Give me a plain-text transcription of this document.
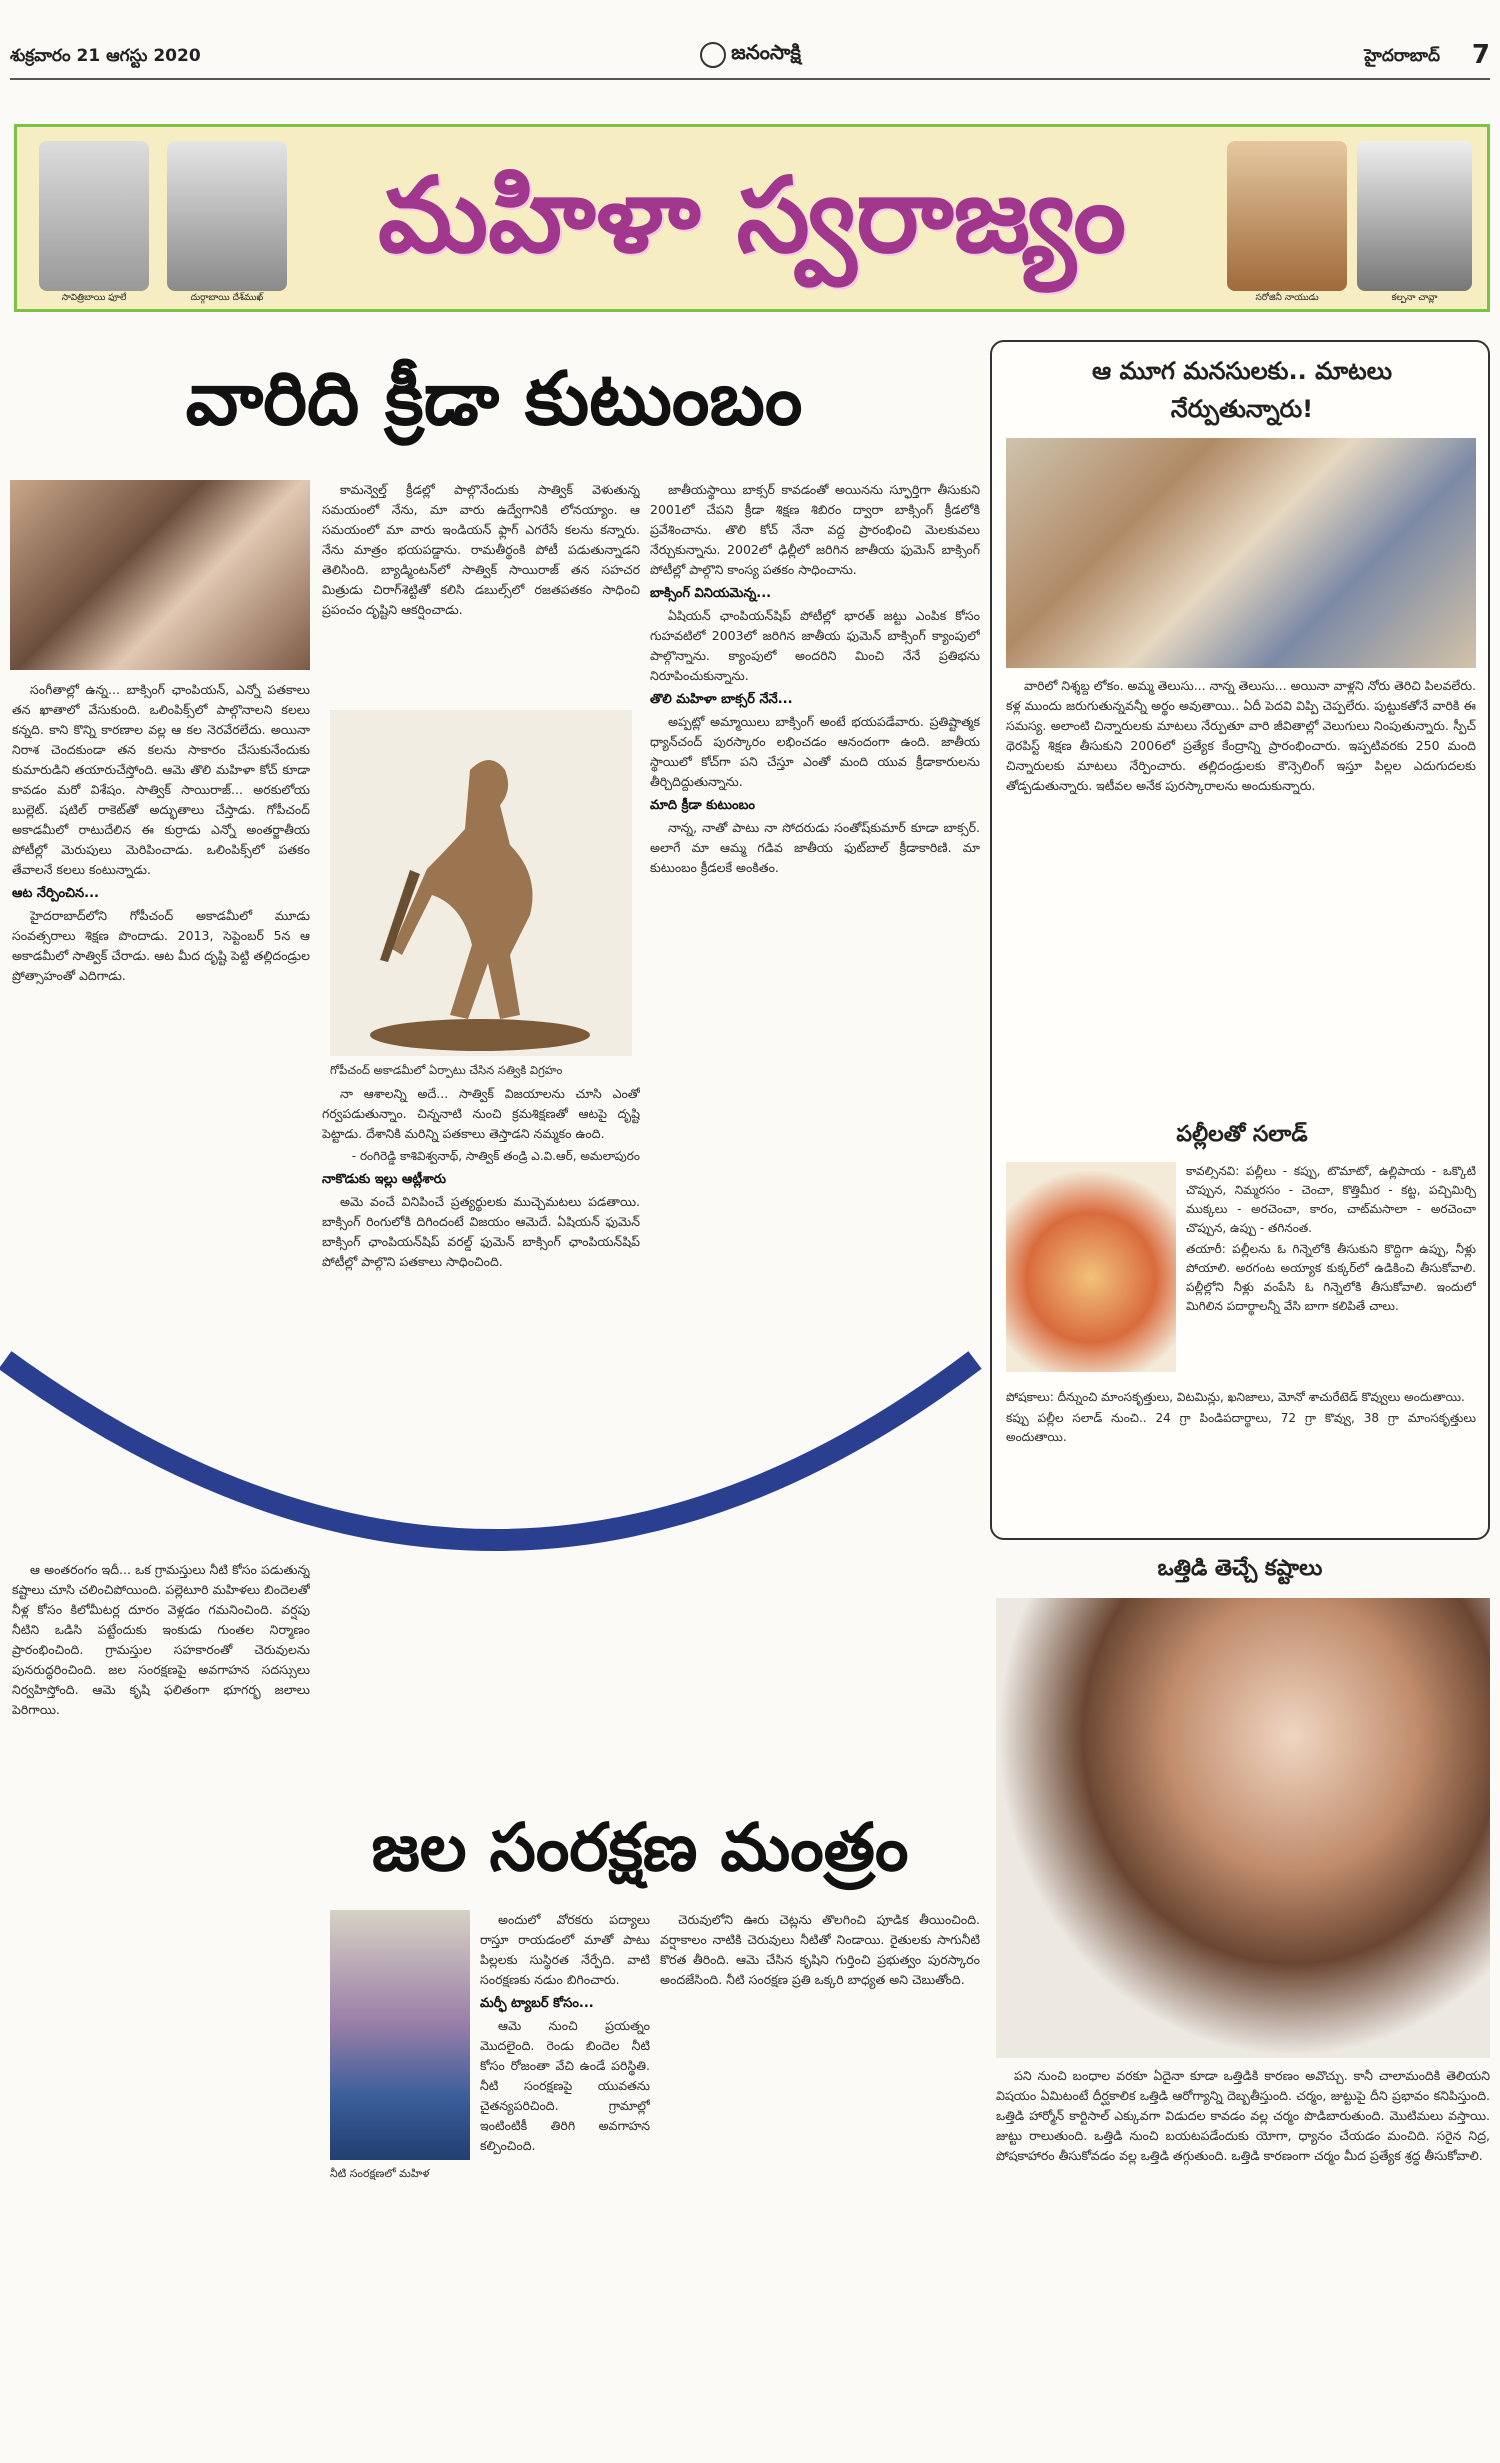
శుక్రవారం 21 ఆగస్టు 2020	జనంసాక్షి	హైదరాబాద్ 7
సావిత్రిబాయి ఫూలే	దుర్గాబాయి దేశ్‌ముఖ్
మహిళా స్వరాజ్యం
సరోజినీ నాయుడు	కల్పనా చావ్లా
వారిది క్రీడా కుటుంబం

సంగీతాల్లో ఉన్న... బాక్సింగ్ ఛాంపియన్, ఎన్నో పతకాలు తన ఖాతాలో వేసుకుంది. ఒలింపిక్స్‌లో పాల్గొనాలని కలలు కన్నది. కాని కొన్ని కారణాల వల్ల ఆ కల నెరవేరలేదు. అయినా నిరాశ చెందకుండా తన కలను సాకారం చేసుకునేందుకు కుమారుడిని తయారుచేస్తోంది. ఆమె తొలి మహిళా కోచ్ కూడా కావడం మరో విశేషం. సాత్విక్ సాయిరాజ్... అరకులోయ బుల్లెట్. షటిల్ రాకెట్‌తో అద్భుతాలు చేస్తాడు. గోపీచంద్ అకాడమీలో రాటుదేలిన ఈ కుర్రాడు ఎన్నో అంతర్జాతీయ పోటీల్లో మెరుపులు మెరిపించాడు. ఒలింపిక్స్‌లో పతకం తేవాలనే కలలు కంటున్నాడు.

ఆట నేర్పించిన...

హైదరాబాద్‌లోని గోపీచంద్ అకాడమీలో మూడు సంవత్సరాలు శిక్షణ పొందాడు. 2013, సెప్టెంబర్ 5న ఆ అకాడమీలో సాత్విక్ చేరాడు. ఆట మీద దృష్టి పెట్టి తల్లిదండ్రుల ప్రోత్సాహంతో ఎదిగాడు.

కామన్వెల్త్ క్రీడల్లో పాల్గొనేందుకు సాత్విక్ వెళుతున్న సమయంలో నేను, మా వారు ఉద్వేగానికి లోనయ్యాం. ఆ సమయంలో మా వారు ఇండియన్ ఫ్లాగ్ ఎగరేసే కలను కన్నారు. నేను మాత్రం భయపడ్డాను. రామతీర్థంకి పోటీ పడుతున్నాడని తెలిసింది. బ్యాడ్మింటన్‌లో సాత్విక్ సాయిరాజ్ తన సహచర మిత్రుడు చిరాగ్‌శెట్టితో కలిసి డబుల్స్‌లో రజతపతకం సాధించి ప్రపంచం దృష్టిని ఆకర్షించాడు.

గోపీచంద్ అకాడమీలో ఏర్పాటు చేసిన సత్వికి విగ్రహం

నా ఆశాలన్ని అదే... సాత్విక్ విజయాలను చూసి ఎంతో గర్వపడుతున్నాం. చిన్ననాటి నుంచి క్రమశిక్షణతో ఆటపై దృష్టి పెట్టాడు. దేశానికి మరిన్ని పతకాలు తెస్తాడని నమ్మకం ఉంది.

- రంగిరెడ్డి కాశివిశ్వనాథ్, సాత్విక్ తండ్రి ఎ.వి.ఆర్, అమలాపురం
నాకొడుకు ఇల్లు ఆట్లీశారు

అమె వంచే వినిపించే ప్రత్యర్థులకు ముచ్చెమటలు పడతాయి. బాక్సింగ్ రింగులోకి దిగిందంటే విజయం ఆమెదే. ఏషియన్ ఫుమెన్ బాక్సింగ్ ఛాంపియన్‌షిప్ వరల్డ్ ఫుమెన్ బాక్సింగ్ ఛాంపియన్‌షిప్ పోటీల్లో పాల్గొని పతకాలు సాధించింది.

జాతీయస్థాయి బాక్సర్ కావడంతో అయినను స్ఫూర్తిగా తీసుకుని 2001లో చేపని క్రీడా శిక్షణ శిబిరం ద్వారా బాక్సింగ్ క్రీడలోకి ప్రవేశించాను. తొలి కోచ్ నేనా వద్ద ప్రారంభించి మెలకువలు నేర్చుకున్నాను. 2002లో ఢిల్లీలో జరిగిన జాతీయ ఫుమెన్ బాక్సింగ్ పోటీల్లో పాల్గొని కాంస్య పతకం సాధించాను.

బాక్సింగ్ వినియమెన్న...

ఏషియన్ ఛాంపియన్‌షిప్ పోటీల్లో భారత్ జట్టు ఎంపిక కోసం గుహవటిలో 2003లో జరిగిన జాతీయ ఫుమెన్ బాక్సింగ్ క్యాంపులో పాల్గొన్నాను. క్యాంపులో అందరిని మించి నేనే ప్రతిభను నిరూపించుకున్నాను.

తొలి మహిళా బాక్సర్ నేనే...

అప్పట్లో అమ్మాయిలు బాక్సింగ్ అంటే భయపడేవారు. ప్రతిష్టాత్మక ధ్యాన్‌చంద్ పురస్కారం లభించడం ఆనందంగా ఉంది. జాతీయ స్థాయిలో కోచ్‌గా పని చేస్తూ ఎంతో మంది యువ క్రీడాకారులను తీర్చిదిద్దుతున్నాను.

మాది క్రీడా కుటుంబం

నాన్న, నాతో పాటు నా సోదరుడు సంతోష్‌కుమార్ కూడా బాక్సర్. అలాగే మా ఆమ్మ గడివ జాతీయ ఫుట్‌బాల్ క్రీడాకారిణి. మా కుటుంబం క్రీడలకే అంకితం.

జల సంరక్షణ మంత్రం

ఆ అంతరంగం ఇదీ... ఒక గ్రామస్తులు నీటి కోసం పడుతున్న కష్టాలు చూసి చలించిపోయింది. పల్లెటూరి మహిళలు బిందెలతో నీళ్ల కోసం కిలోమీటర్ల దూరం వెళ్లడం గమనించింది. వర్షపు నీటిని ఒడిసి పట్టేందుకు ఇంకుడు గుంతల నిర్మాణం ప్రారంభించింది. గ్రామస్తుల సహకారంతో చెరువులను పునరుద్ధరించింది. జల సంరక్షణపై అవగాహన సదస్సులు నిర్వహిస్తోంది. ఆమె కృషి ఫలితంగా భూగర్భ జలాలు పెరిగాయి.

నీటి సంరక్షణలో మహిళ

అందులో వోరకరు పద్యాలు రాస్తూ రాయడంలో మాతో పాటు పిల్లలకు సుస్థిరత నేర్పేది. వాటి సంరక్షణకు నడుం బిగించారు.

మర్ఫీ ట్యాబర్ కోసం...

ఆమె నుంచి ప్రయత్నం మొదలైంది. రెండు బిందెల నీటి కోసం రోజంతా వేచి ఉండే పరిస్థితి. నీటి సంరక్షణపై యువతను చైతన్యపరిచింది. గ్రామాల్లో ఇంటింటికీ తిరిగి అవగాహన కల్పించింది.

చెరువులోని ఊరు చెట్లను తొలగించి పూడిక తీయించింది. వర్షాకాలం నాటికి చెరువులు నీటితో నిండాయి. రైతులకు సాగునీటి కొరత తీరింది. ఆమె చేసిన కృషిని గుర్తించి ప్రభుత్వం పురస్కారం అందజేసింది. నీటి సంరక్షణ ప్రతి ఒక్కరి బాధ్యత అని చెబుతోంది.

ఆ మూగ మనసులకు.. మాటలు నేర్పుతున్నారు!

వారిలో నిశ్శబ్ద లోకం. అమ్మ తెలుసు... నాన్న తెలుసు... అయినా వాళ్లని నోరు తెరిచి పిలవలేరు. కళ్ల ముందు జరుగుతున్నవన్నీ అర్థం అవుతాయి.. ఏదీ పెదవి విప్పి చెప్పలేరు. పుట్టుకతోనే వారికి ఈ సమస్య. అలాంటి చిన్నారులకు మాటలు నేర్పుతూ వారి జీవితాల్లో వెలుగులు నింపుతున్నారు. స్పీచ్ థెరపిస్ట్ శిక్షణ తీసుకుని 2006లో ప్రత్యేక కేంద్రాన్ని ప్రారంభించారు. ఇప్పటివరకు 250 మంది చిన్నారులకు మాటలు నేర్పించారు. తల్లిదండ్రులకు కౌన్సెలింగ్ ఇస్తూ పిల్లల ఎదుగుదలకు తోడ్పడుతున్నారు. ఇటీవల అనేక పురస్కారాలను అందుకున్నారు.

పల్లీలతో సలాడ్

కావల్సినవి: పల్లీలు - కప్పు, టొమాటో, ఉల్లిపాయ - ఒక్కొటి చొప్పున, నిమ్మరసం - చెంచా, కొత్తిమీర - కట్ట, పచ్చిమిర్చి ముక్కలు - అరచెంచా, కారం, చాట్‌మసాలా - అరచెంచా చొప్పున, ఉప్పు - తగినంత.

తయారీ: పల్లీలను ఓ గిన్నెలోకి తీసుకుని కొద్దిగా ఉప్పు, నీళ్లు పోయాలి. అరగంట అయ్యాక కుక్కర్‌లో ఉడికించి తీసుకోవాలి. పల్లీల్లోని నీళ్లు వంపేసి ఓ గిన్నెలోకి తీసుకోవాలి. ఇందులో మిగిలిన పదార్థాలన్నీ వేసి బాగా కలిపితే చాలు.

పోషకాలు: దీన్నుంచి మాంసకృత్తులు, విటమిన్లు, ఖనిజాలు, మోనో శాచురేటెడ్ కొవ్వులు అందుతాయి.

కప్పు పల్లీల సలాడ్ నుంచి.. 24 గ్రా పిండిపదార్థాలు, 72 గ్రా కొవ్వు, 38 గ్రా మాంసకృత్తులు అందుతాయి.

ఒత్తిడి తెచ్చే కష్టాలు

పని నుంచి బంధాల వరకూ ఏదైనా కూడా ఒత్తిడికి కారణం అవొచ్చు. కానీ చాలామందికి తెలియని విషయం ఏమిటంటే దీర్ఘకాలిక ఒత్తిడి ఆరోగ్యాన్ని దెబ్బతీస్తుంది. చర్మం, జుట్టుపై దీని ప్రభావం కనిపిస్తుంది. ఒత్తిడి హార్మోన్ కార్టిసాల్ ఎక్కువగా విడుదల కావడం వల్ల చర్మం పొడిబారుతుంది. మొటిమలు వస్తాయి. జుట్టు రాలుతుంది. ఒత్తిడి నుంచి బయటపడేందుకు యోగా, ధ్యానం చేయడం మంచిది. సరైన నిద్ర, పోషకాహారం తీసుకోవడం వల్ల ఒత్తిడి తగ్గుతుంది. ఒత్తిడి కారణంగా చర్మం మీద ప్రత్యేక శ్రద్ధ తీసుకోవాలి.
